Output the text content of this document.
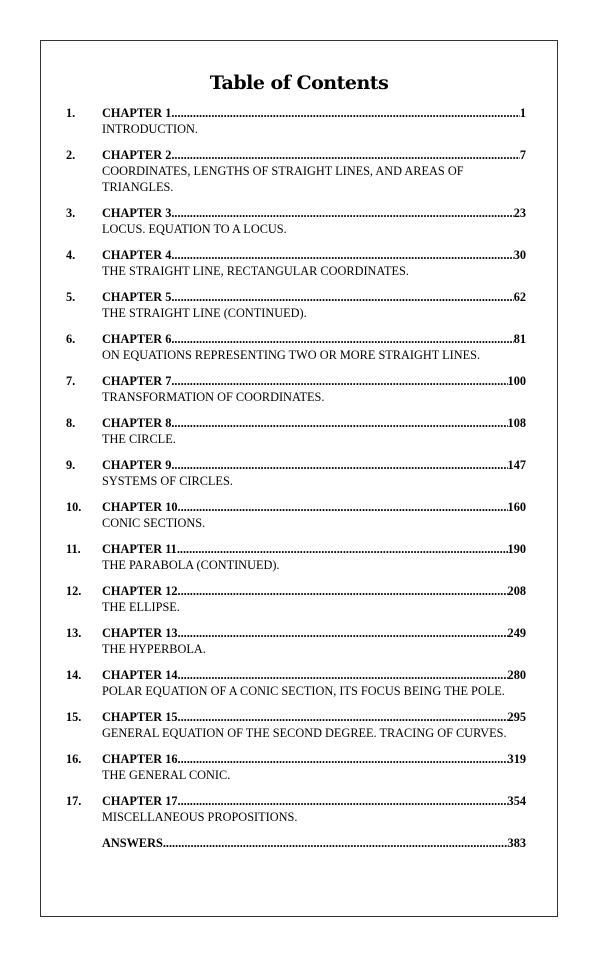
Table of Contents
1. CHAPTER 1 .....	1
INTRODUCTION.
2. CHAPTER 2 .....	7
COORDINATES, LENGTHS OF STRAIGHT LINES, AND AREAS OF TRIANGLES.
3. CHAPTER 3 .....	23
LOCUS. EQUATION TO A LOCUS.
4. CHAPTER 4. .....	30
THE STRAIGHT LINE, RECTANGULAR COORDINATES.
5. CHAPTER 5 .....	62
THE STRAIGHT LINE (CONTINUED).
6. CHAPTER 6 .....	81
ON EQUATIONS REPRESENTING TWO OR MORE STRAIGHT LINES.
7. CHAPTER 7 .....	100
TRANSFORMATION OF COORDINATES.
8. CHAPTER 8 .....	108
THE CIRCLE.
9. CHAPTER 9 .....	147
SYSTEMS OF CIRCLES.
10. CHAPTER 10 .....	160
CONIC SECTIONS.
11. CHAPTER 11 .....	190
THE PARABOLA (CONTINUED).
12. CHAPTER 12 .....	208
THE ELLIPSE.
13. CHAPTER 13 .....	249
THE HYPERBOLA.
14. CHAPTER 14 .....	280
POLAR EQUATION OF A CONIC SECTION, ITS FOCUS BEING THE POLE.
15. CHAPTER 15 .....	295
GENERAL EQUATION OF THE SECOND DEGREE. TRACING OF CURVES.
16. CHAPTER 16 .....	319
THE GENERAL CONIC.
17. CHAPTER 17 .....	354
MISCELLANEOUS PROPOSITIONS.
ANSWERS. .....	383
